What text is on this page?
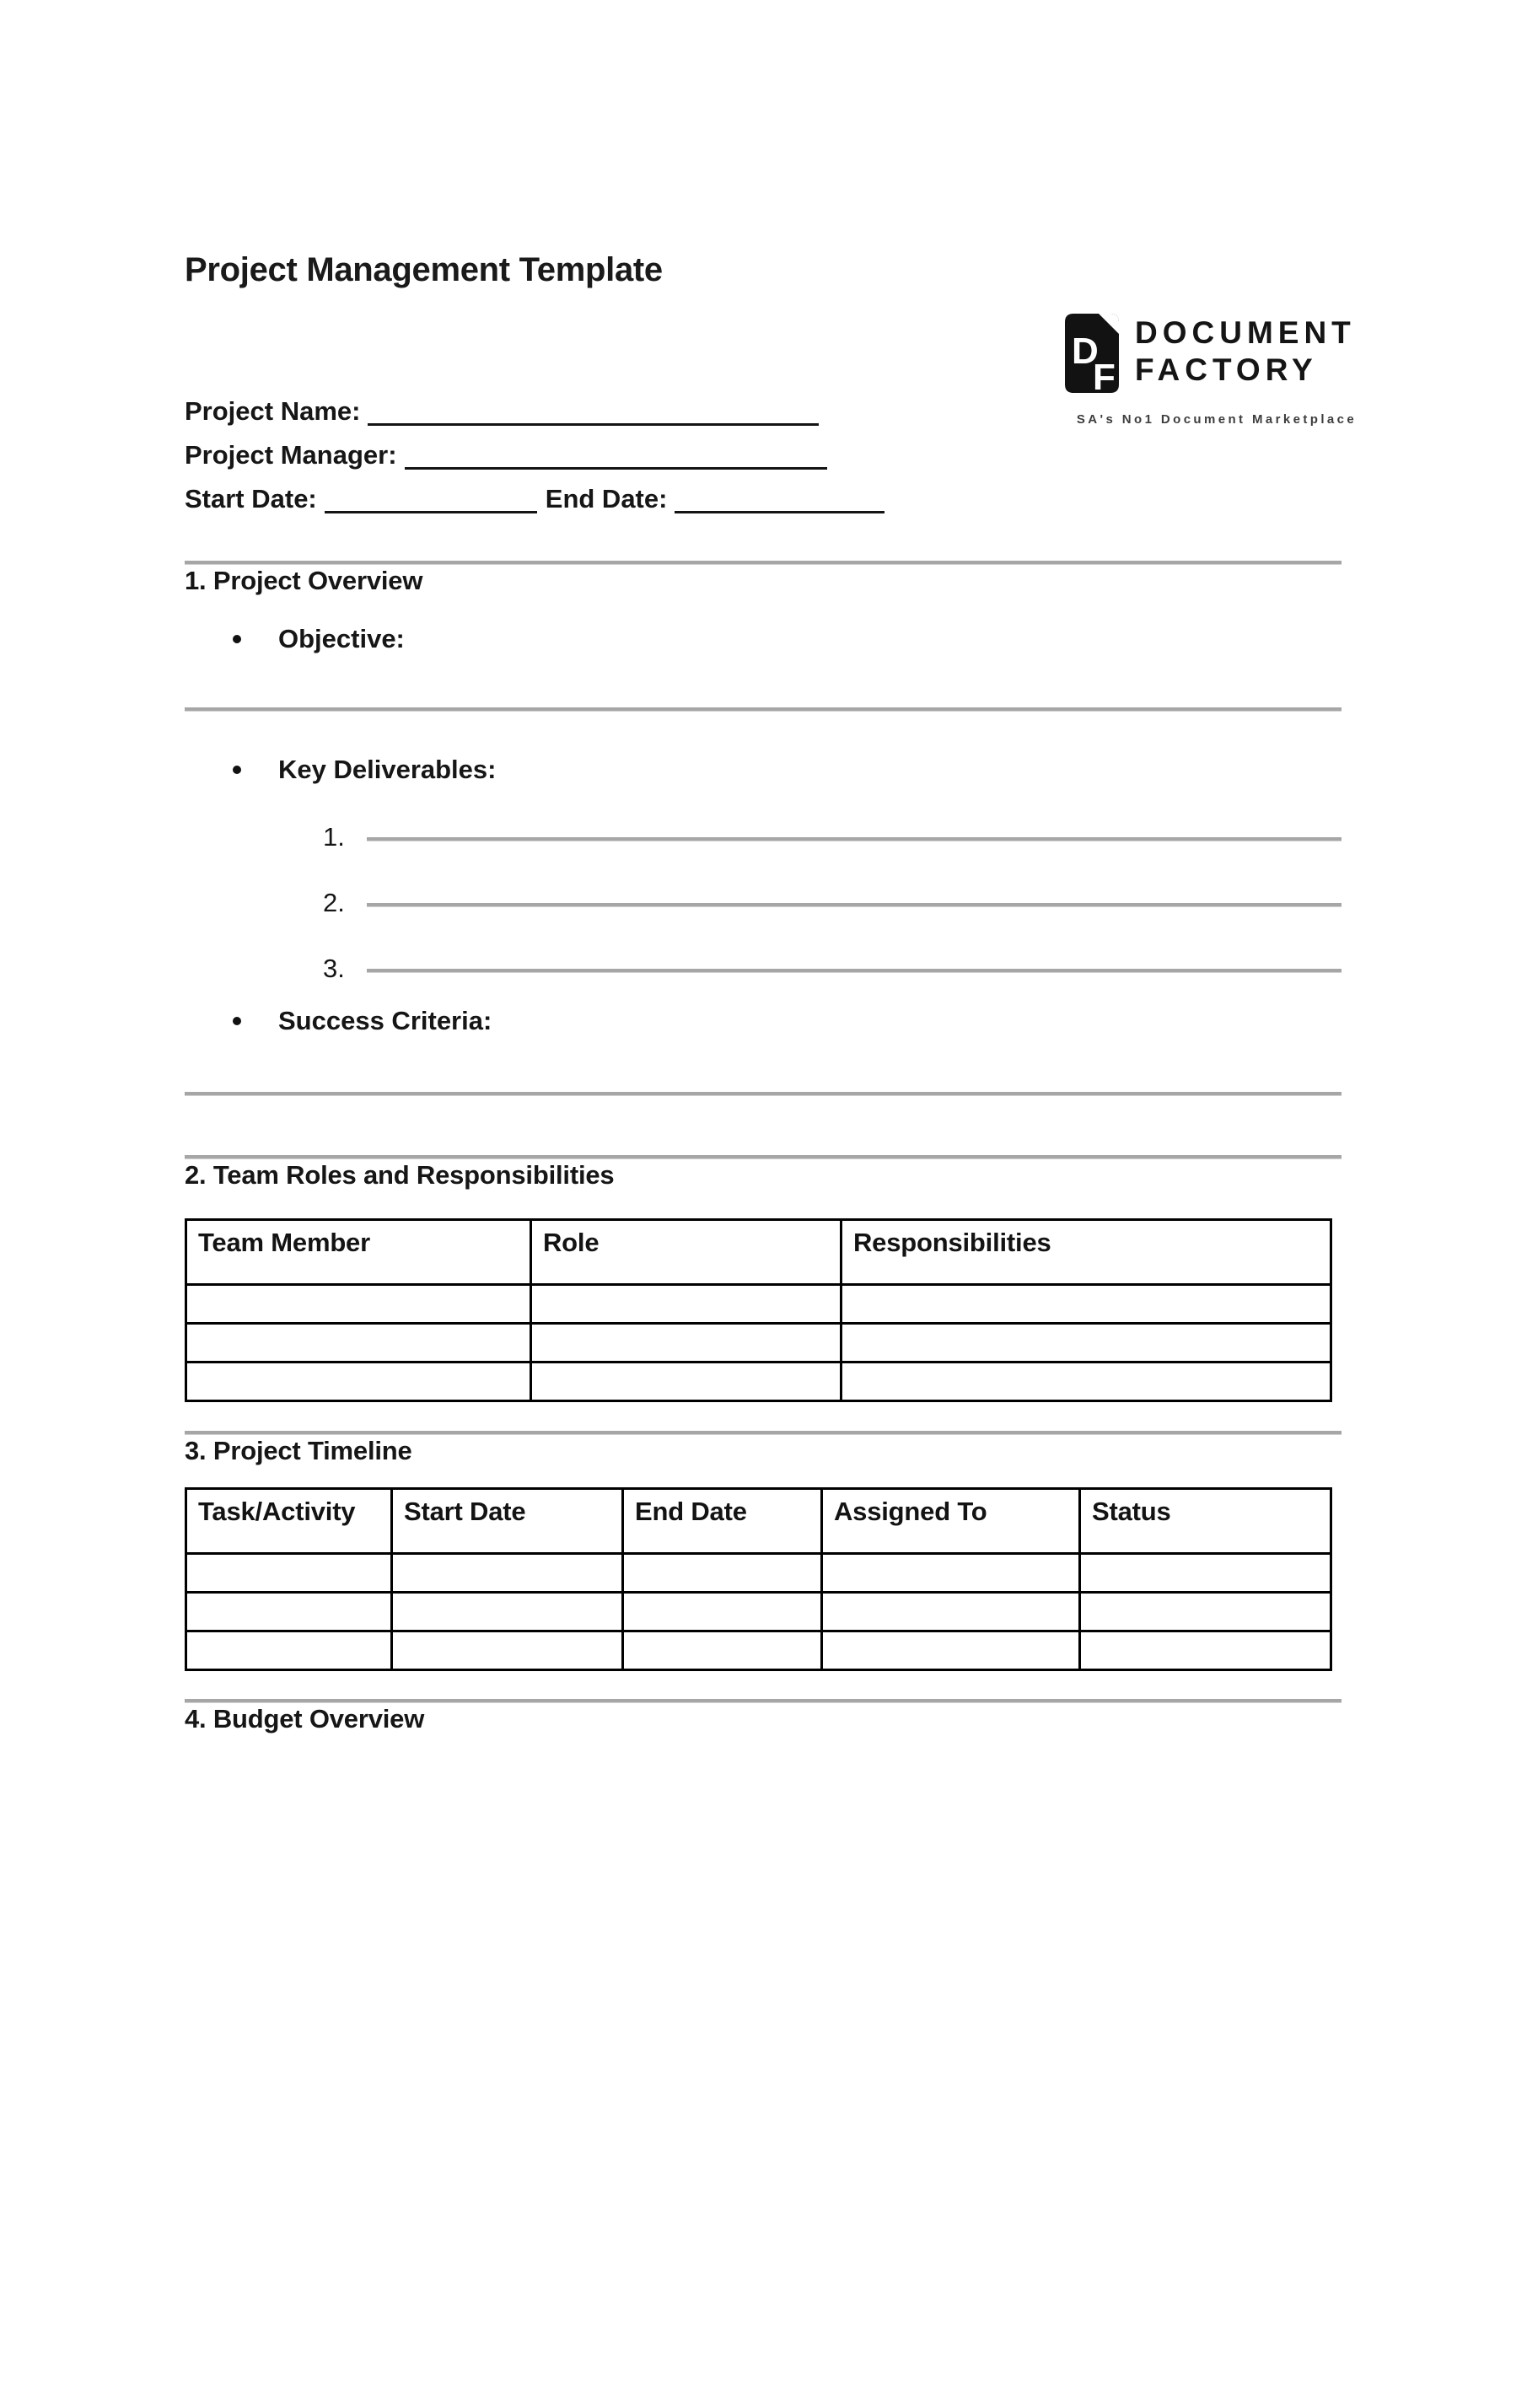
D
F
DOCUMENT
FACTORY
SA's No1 Document Marketplace
Project Management Template
Project Name:
Project Manager:
Start Date:	End Date:
1. Project Overview
Objective:
Key Deliverables:
1.
2.
3.
Success Criteria:
2. Team Roles and Responsibilities
Team Member	Role	Responsibilities

3. Project Timeline
Task/Activity	Start Date	End Date	Assigned To	Status

4. Budget Overview
